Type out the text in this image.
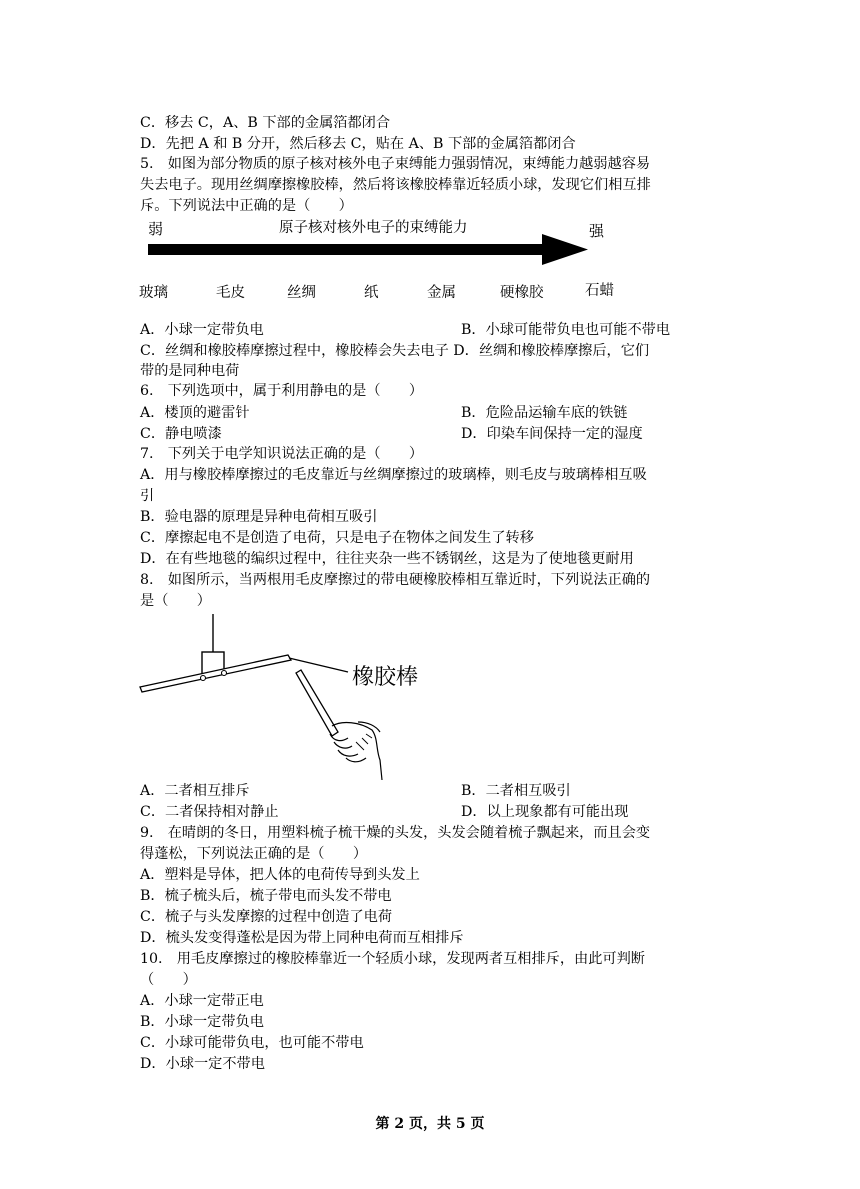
C．移去 C，A、B 下部的金属箔都闭合
D．先把 A 和 B 分开，然后移去 C，贴在 A、B 下部的金属箔都闭合
5.　如图为部分物质的原子核对核外电子束缚能力强弱情况，束缚能力越弱越容易
失去电子。现用丝绸摩擦橡胶棒，然后将该橡胶棒靠近轻质小球，发现它们相互排
斥。下列说法中正确的是（　　）
弱	原子核对核外电子的束缚能力	强
玻璃	毛皮	丝绸	纸	金属	硬橡胶	石蜡
A．小球一定带负电	B．小球可能带负电也可能不带电
C．丝绸和橡胶棒摩擦过程中，橡胶棒会失去电子 D．丝绸和橡胶棒摩擦后，它们
带的是同种电荷
6.　下列选项中，属于利用静电的是（　　）
A．楼顶的避雷针	B．危险品运输车底的铁链
C．静电喷漆	D．印染车间保持一定的湿度
7.　下列关于电学知识说法正确的是（　　）
A．用与橡胶棒摩擦过的毛皮靠近与丝绸摩擦过的玻璃棒，则毛皮与玻璃棒相互吸
引
B．验电器的原理是异种电荷相互吸引
C．摩擦起电不是创造了电荷，只是电子在物体之间发生了转移
D．在有些地毯的编织过程中，往往夹杂一些不锈钢丝，这是为了使地毯更耐用
8.　如图所示，当两根用毛皮摩擦过的带电硬橡胶棒相互靠近时，下列说法正确的
是（　　）
橡胶棒
A．二者相互排斥	B．二者相互吸引
C．二者保持相对静止	D．以上现象都有可能出现
9.　在晴朗的冬日，用塑料梳子梳干燥的头发，头发会随着梳子飘起来，而且会变
得蓬松，下列说法正确的是（　　）
A．塑料是导体，把人体的电荷传导到头发上
B．梳子梳头后，梳子带电而头发不带电
C．梳子与头发摩擦的过程中创造了电荷
D．梳头发变得蓬松是因为带上同种电荷而互相排斥
10.　用毛皮摩擦过的橡胶棒靠近一个轻质小球，发现两者互相排斥，由此可判断
（　　）
A．小球一定带正电
B．小球一定带负电
C．小球可能带负电，也可能不带电
D．小球一定不带电
第 2 页，共 5 页
